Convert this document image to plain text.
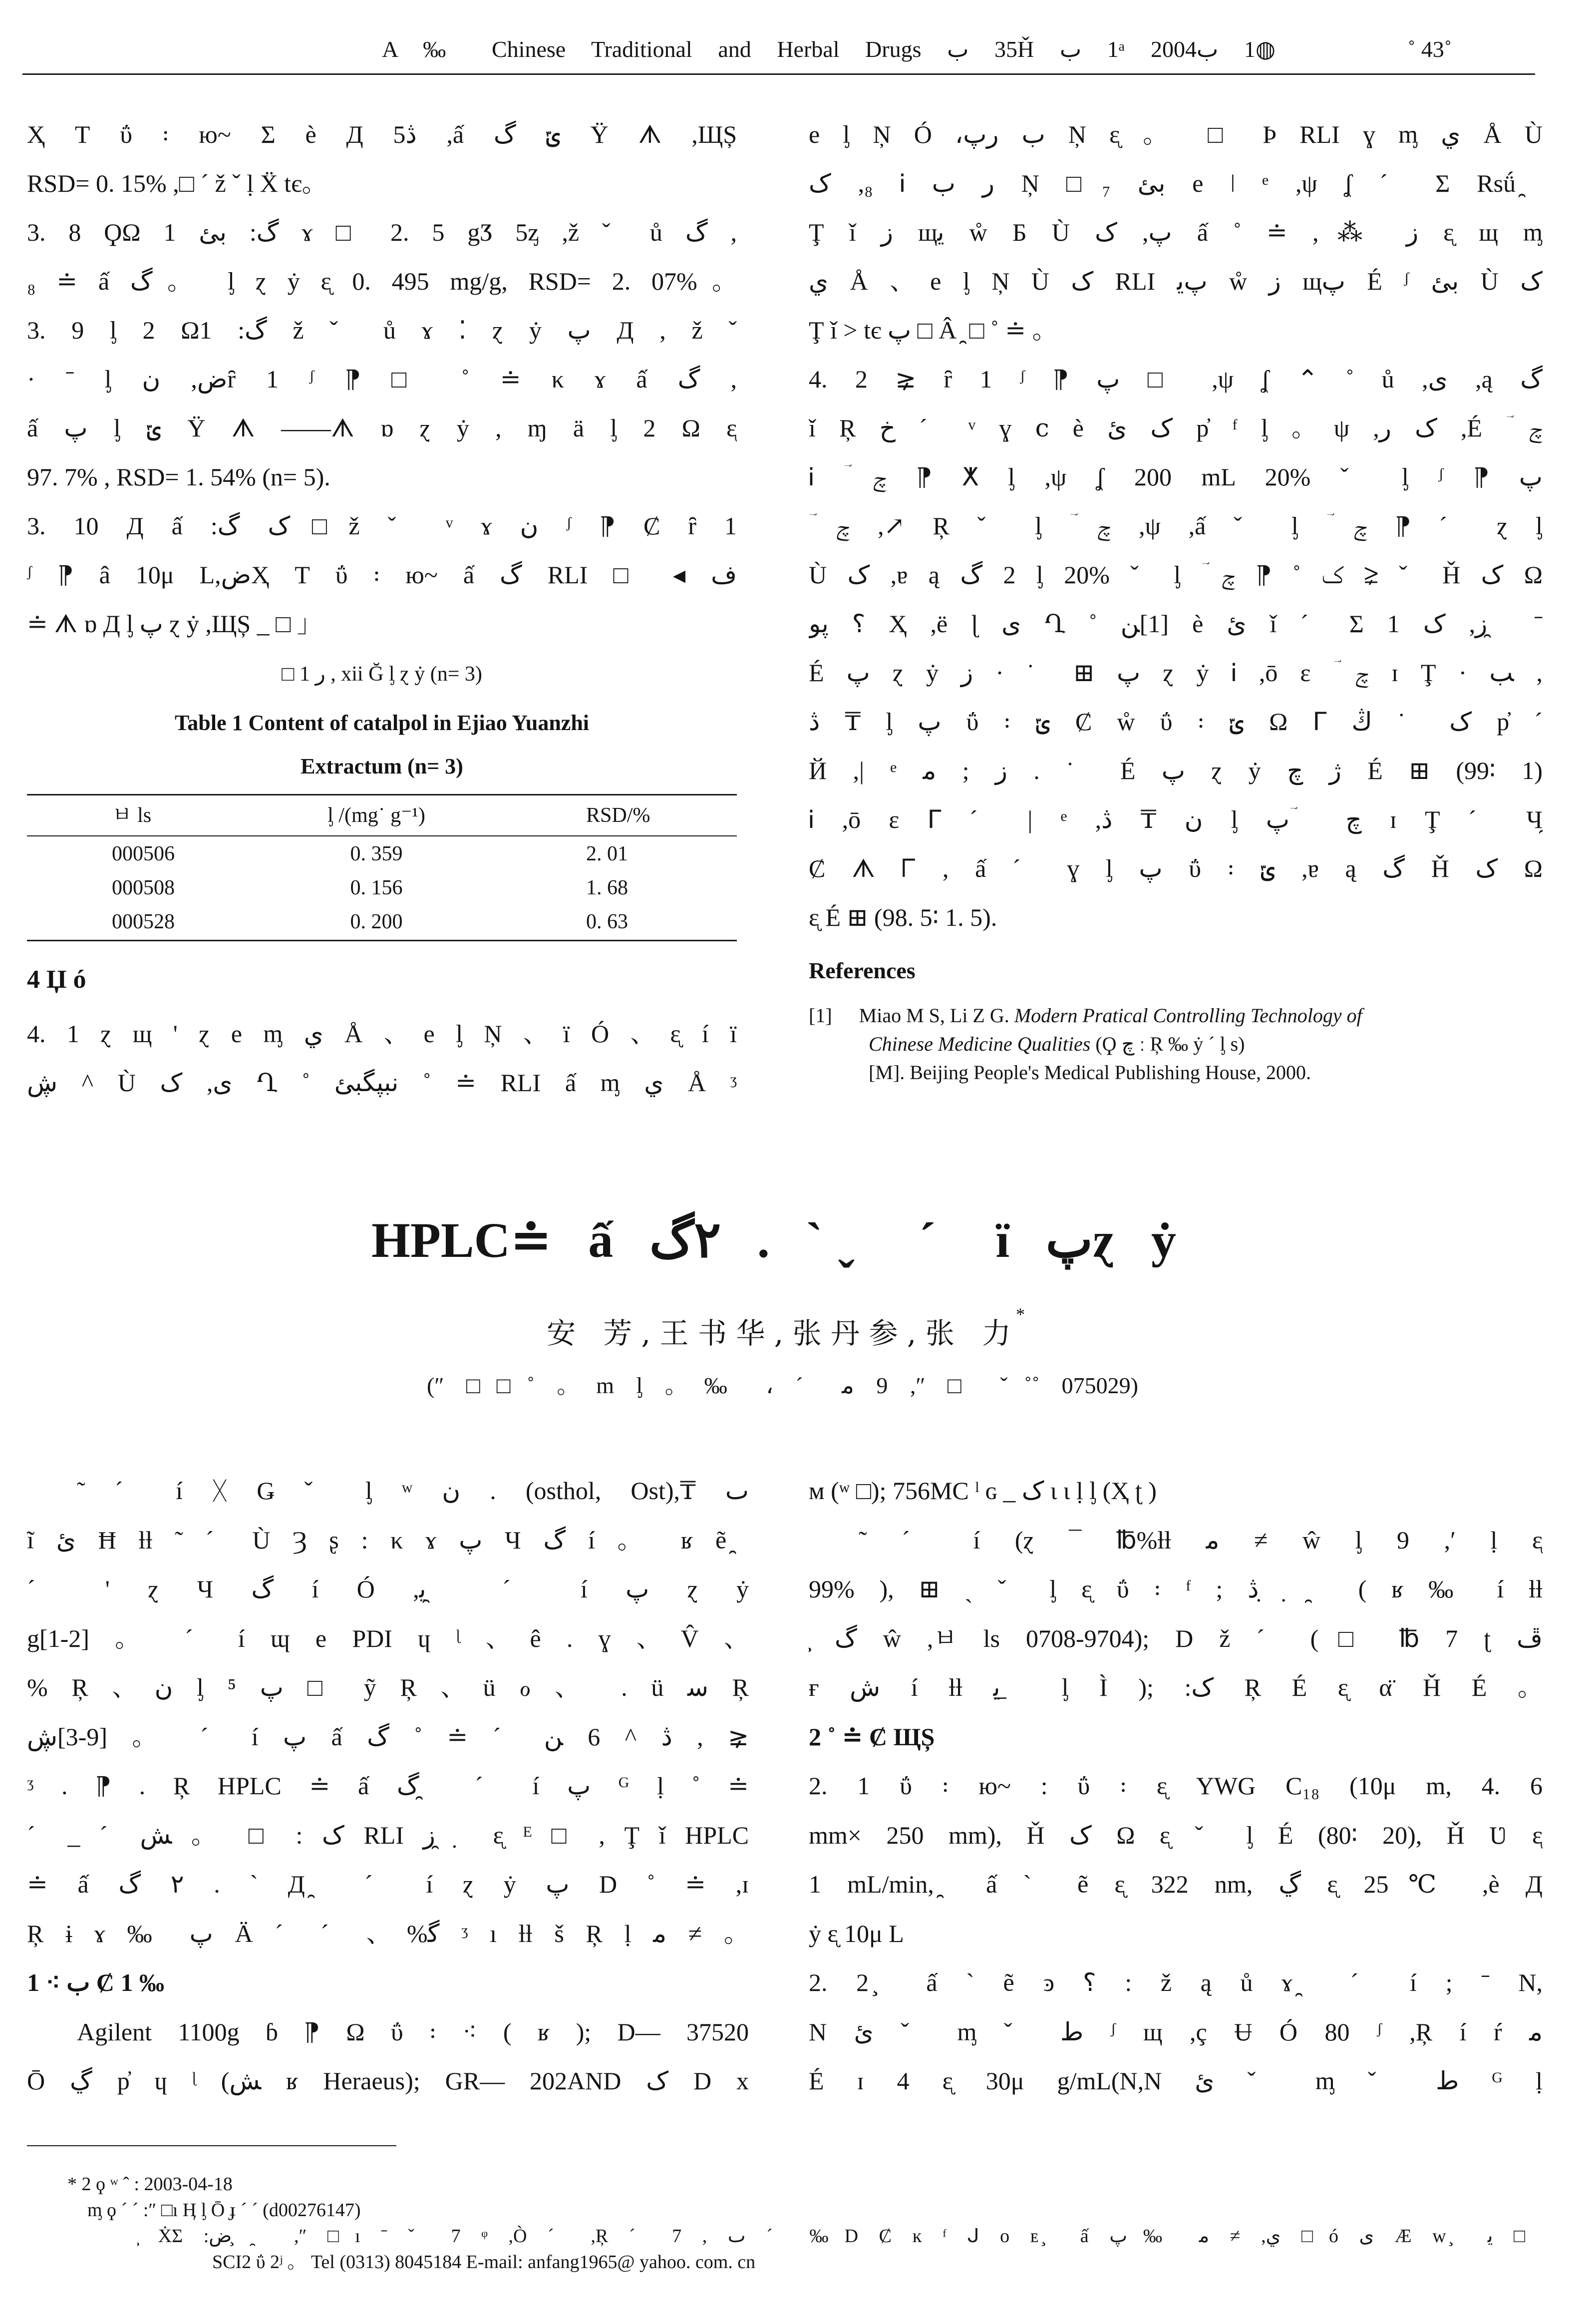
A ‰ Chinese Traditional and Herbal Drugs ب 35Ȟ ب 1ᵃ 2004ب 1◍	˚ 43˚
Ҳ Т ΰ ꞉ ю~ Σ è Д 5ڎ ,ấ گ ݶ Ÿ ᗑ ,ЩȘ
RSD= 0. 15% ,□ ´ ž ˇ ḷ Ẍ tє。
3. 8 ϘΩ 1 ئب :گ ɤ □ 2. 5 gӠ 5ᶎ ,ž ˇ ů گ ,
₈ ≐ ấ گ。 ᶅ ɀ ẏ ᶓ 0. 495 mg/g, RSD= 2. 07%。
3. 9 ᶅ 2 Ω1 :گ ž ˇ ů ɤ ⁚ ɀ ẏ پ Д , ž ˇ
· ˉ ᶅ ن ,ضȓ 1 ᶴ ⁋ □ ˚ ≐ κ ɤ ấ گ ,
ấ پ ᶅ ݶ Ÿ ᗑ ——ᗑ ɒ ɀ ẏ , ɱ ä ᶅ 2 Ω ᶓ
97. 7% , RSD= 1. 54% (n= 5).
3. 10 Д ấ :گ ک□ž ˇ ᵛ ɤ ن ᶴ ⁋ Ȼ ȓ 1
ᶴ ⁋ â 10μ L,ضҲ Т ΰ ꞉ ю~ ấ گ RLI □ ◂ ف
≐ ᗑ ɒ Д ᶅ پ ɀ ẏ ,ЩȘ _ □ 」
□ 1 ر , xii Ğ ᶅ ɀ ẏ (n= 3)
Table 1 Content of catalpol in Ejiao Yuanzhi
Extractum (n= 3)
ㅂ ls	ᶅ /(mg˙ g⁻¹)	RSD/%
000506	0. 359	2. 01
000508	0. 156	1. 68
000528	0. 200	0. 63
4 Џ ó
4. 1 ɀ щ ' ɀ e ᶆ ي Å 、e ᶅ Ņ 、ï Ó 、ᶓ í ï
ڜ ^ Ù ک ,ى Ղ ˚ ئبگپبن ˚ ≐ RLI ấ ᶆ ي Å ᶾ
e ᶅ Ņ Ó ،پر ب Ņ ᶓ 。 □ Þ RLI ɣ ᶆ ي Å Ù
ک ,₈ Ꭵ ب ر Ņ □₇ ئب e ǀ ᵉ ,ψ ʆ ˊ Σ Rsǘ ̯
Ţ ǐ ز щﯾ ẘ Б Ù ک ,پ ấ ˚ ≐ ,⁂ ز ᶓ щ ᶆ
ي Å 、e ᶅ Ņ Ù ک RLI ﯾپ ẘ ز щپ É ᶴ ئب Ù ک
Ţ ǐ > tє پ □ Â ̯ □ ˚ ≐ 。
4. 2 ⪈ ȓ 1 ᶴ ⁋ پ □ ,ψ ʆ ⌃ ˚ ů ,ى ,ą گ
ǐ Ŗ خ ˊ ᵛ ɣ ⅽ è ئ ک p̓ ᶠ ᶅ 。ψ ,ر ک ,É ؔ چ
Ꭵ ؔ چ ⁋ ⵅ ᶅ ,ψ ʆ 200 mL 20% ˇ ᶅ ᶴ ⁋ پ
ؔ چ ,↗ Ŗ ˇ ᶅ ؔ چ ,ψ ,ấ ˇ ᶅ ؔ چ ⁋ ˊ ɀ ᶅ
Ù ک ,ɐ ą گ 2 ᶅ 20% ˇ ᶅ ؔ چ ⁋ ˚ ک ⪈ ˇ Ȟ ک Ω
وپ ؟ Ҳ ,ë ɭ ى Ղ ˚ ﻦ[1] è ئ ǐ ˊ Σ 1 ک ,ز ̯ ˉ
É پ ɀ ẏ ز · ˙ ⊞ پ ɀ ẏ Ꭵ ,ō ε ؔ چ ɪ Ţ · ﺐ ,
ڎ ₸ ᶅ پ ΰ ꞉ ݶ Ȼ ẘ ΰ ꞉ ݶ Ω ᒥ ڭ ˙ ک p̓ ˊ
Й ,| ᵉ ﻣ ; ز . ˙ É پ ɀ ẏ چ ژ É ⊞ (99∶ 1)
Ꭵ ,ō ε ᒥ ˊ | ᵉ ,ڎ ₸ ن ᶅ پ ؔ چ ɪ Ţ ˊ Ч̯
Ȼ ᗑ ᒥ , ấ ˊ ɣ ᶅ پ ΰ ꞉ ݶ ,ɐ ą گ Ȟ ک Ω
ᶓ É ⊞ (98. 5∶ 1. 5).
References
[1] Miao M S, Li Z G. Modern Pratical Controlling Technology of
Chinese Medicine Qualities (Ϙ چ ː Ŗ ‰ ẏ ˊ ᶅ s)
[M]. Beijing People's Medical Publishing House, 2000.
HPLC≐ ấ گ٢ . ˋ ̬ ˊ ï پɀ ẏ
安 芳,王书华,张丹参,张 力
*
(″ □□˚ 。m ᶅ 。‰ ، ˊ ﻣ 9 ,″ □ ˇ˚˚ 075029)
˜ ˊ í ᚷ Ǥ ˇ ᶅ ʷ ن . (osthol, Ost),₸ ٮ
ĩ ئ Ħ ƚƚ ˜ ˊ Ù Ȝ ʂ : κ ɤ پ Ч گ í 。 ʁ ẽ ̯
ˊ ' ɀ Ч گ í Ó ,ﯾ ̯ ˊ í پ ɀ ẏ
g[1-2] 。 ˊ í ɰ e PDI ɥ ᶩ 、ê . ɣ 、V̂ 、
% Ŗ 、ن ᶅ ⁵ پ □ ỹ Ŗ 、ü ℴ 、 . ü ﺳ Ŗ
ڜ[3-9] 。 ˊ í پ ấ گ ˚ ≐ ˊ ﻦ 6 ^ ڎ , ⪈
ᶾ . ⁋ . Ŗ HPLC ≐ ấ گ ̯ ˊ í پ ᴳ ḷ ˚ ≐
ˊ _ ˊ ﺶ 。 □ : ک RLI ز ̯ ̣ ᶓ ᴱ □ , Ţ ǐ HPLC
≐ ấ گ ٢ . ` Д ̯ ˊ í ɀ ẏ پ D ˚ ≐ ,ɪ
Ŗ ɨ ɤ ‰ پ Ä ˊ ˊ 、%ﮔ ᶾ ı ƚƚ š Ŗ ḷ ﻣ ≠ 。
1 ⁖ ب Ȼ 1 ‰
Agilent 1100g ɓ ⁋ Ω ΰ ꞉ ⁖ ( ʁ ); D— 37520
Ō ڲ p̓ ɥ ᶩ (ﺶ ʁ Heraeus); GR— 202AND ک D x
ᴍ (ʷ □); 756MC ˡ ɢ _ ک ɩ ɩ ḷ ᶅ (Ҳ ʈ )
˜ ˊ í (ɀ ¯ ℔%ƚƚ ﻣ ≠ ŵ ᶅ 9 ,ʹ ḷ ᶓ
99% ), ⊞ ˏ ˇ ᶅ ᶓ ΰ ꞉ ᶠ ; ڎ ̣ ̣ ̯ ( ʁ ‰ í ƚƚ
̧ گ ŵ ,ㅂ ls 0708-9704); D ž ˊ (□ ℔ 7 ʈ ڦ
ғ ش í ƚƚ ﯾ ̲ ᶅ Ì ); :ک Ŗ É ᶓ α̈ Ȟ É 。
2 ˚ ≐ Ȼ ЩȘ
2. 1 ΰ ꞉ ю~ : ΰ ꞉ ᶓ YWG C₁₈ (10μ m, 4. 6
mm× 250 mm), Ȟ ک Ω ᶓ ˇ ᶅ É (80∶ 20), Ȟ Ʋ ᶓ
1 mL/min, ̯ ấ ˋ ẽ ᶓ 322 nm, ڲ ᶓ 25℃ ,è Д
ẏ ᶓ 10μ L
2. 2 ̧ ấ ` ẽ ͽ ؟ : ž ą ů ɤ ̯ ˊ í ; ˉ N,
N ئ ˇ ᶆ ˇ ﻁ ᶴ щ ,ç Ʉ Ó 80 ᶴ ,Ŗ í ŕ ﻣ
É ɪ 4 ᶓ 30μ g/mL(N,N ئ ˇ ᶆ ˇ ﻁ ᴳ ḷ
* 2 ϙ ʷ ˆ : 2003-04-18
ᶆ ϙ ˊ ˊ :″ □ı Ӊ ᶅ Ō ɟ ˊ ˊ (d00276147)
̧ ẊΣ :ض ̧ ̯ ,″ □ı ˉ ˇ 7 ᵠ ,Ò ˊ ,Ŗ ˊ 7 , ٮ ˊ ‰D Ȼ ĸ ᶠ ᒍ ο ᴇ ̧ ấ پ‰ ﻣ ≠ ,ي □ó ى Æ ᴡ ̧ ﯾ □
SCI2 ΰ 2ʲ 。 Tel (0313) 8045184 E-mail: anfang1965@ yahoo. com. cn
